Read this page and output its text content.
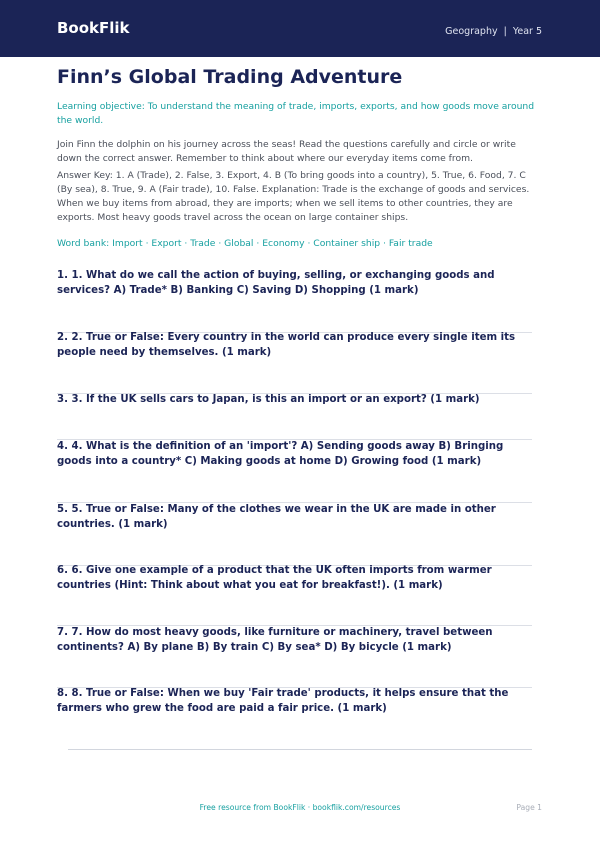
BookFlik	Geography | Year 5
Finn’s Global Trading Adventure

Learning objective: To understand the meaning of trade, imports, exports, and how goods move around the world.

Join Finn the dolphin on his journey across the seas! Read the questions carefully and circle or write down the correct answer. Remember to think about where our everyday items come from.

Answer Key: 1. A (Trade), 2. False, 3. Export, 4. B (To bring goods into a country), 5. True, 6. Food, 7. C (By sea), 8. True, 9. A (Fair trade), 10. False. Explanation: Trade is the exchange of goods and services. When we buy items from abroad, they are imports; when we sell items to other countries, they are exports. Most heavy goods travel across the ocean on large container ships.

Word bank: Import · Export · Trade · Global · Economy · Container ship · Fair trade

1. 1. What do we call the action of buying, selling, or exchanging goods and services? A) Trade* B) Banking C) Saving D) Shopping (1 mark)

2. 2. True or False: Every country in the world can produce every single item its people need by themselves. (1 mark)

3. 3. If the UK sells cars to Japan, is this an import or an export? (1 mark)

4. 4. What is the definition of an 'import'? A) Sending goods away B) Bringing goods into a country* C) Making goods at home D) Growing food (1 mark)

5. 5. True or False: Many of the clothes we wear in the UK are made in other countries. (1 mark)

6. 6. Give one example of a product that the UK often imports from warmer countries (Hint: Think about what you eat for breakfast!). (1 mark)

7. 7. How do most heavy goods, like furniture or machinery, travel between continents? A) By plane B) By train C) By sea* D) By bicycle (1 mark)

8. 8. True or False: When we buy 'Fair trade' products, it helps ensure that the farmers who grew the food are paid a fair price. (1 mark)

Free resource from BookFlik · bookflik.com/resources	Page 1
